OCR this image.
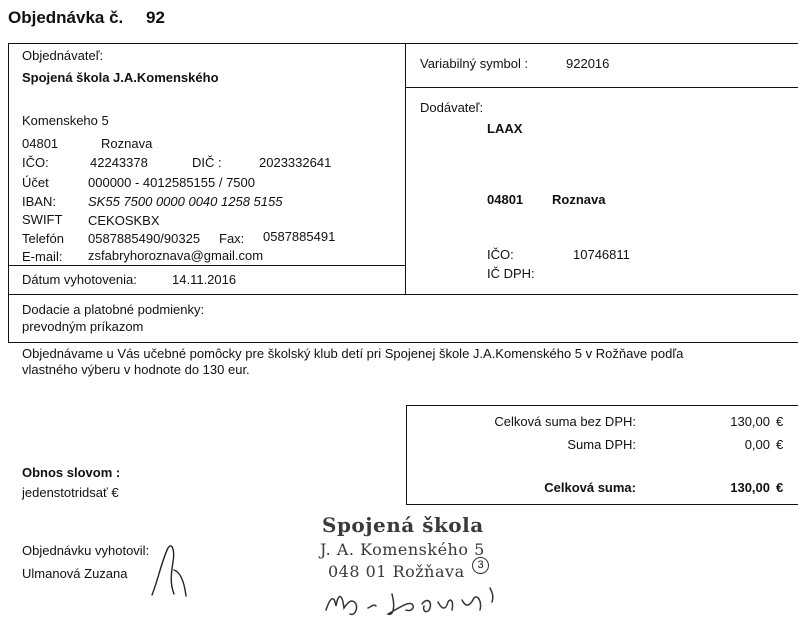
Objednávka č. 92
Objednávateľ:
Spojená škola J.A.Komenského
Komenskeho 5
04801	Roznava
IČO:	42243378	DIČ :	2023332641
Účet	000000 - 4012585155 / 7500
IBAN: SK55 7500 0000 0040 1258 5155
SWIFT CEKOSKBX
Telefón 0587885490/90325 Fax: 0587885491
E-mail: zsfabryhoroznava@gmail.com
Dátum vyhotovenia:	14.11.2016
Variabilný symbol :	922016
Dodávateľ:
LAAX
04801 Roznava
IČO:	10746811
IČ DPH:
Dodacie a platobné podmienky:
prevodným príkazom
Objednávame u Vás učebné pomôcky pre školský klub detí pri Spojenej škole J.A.Komenského 5 v Rožňave podľa
vlastného výberu v hodnote do 130 eur.
Celková suma bez DPH:	130,00 €
Suma DPH:	0,00 €
Celková suma:	130,00 €
Obnos slovom :
jedenstotridsať €
Objednávku vyhotovil:
Ulmanová Zuzana
Spojená škola
J. A. Komenského 5
048 01 Rožňava	3
